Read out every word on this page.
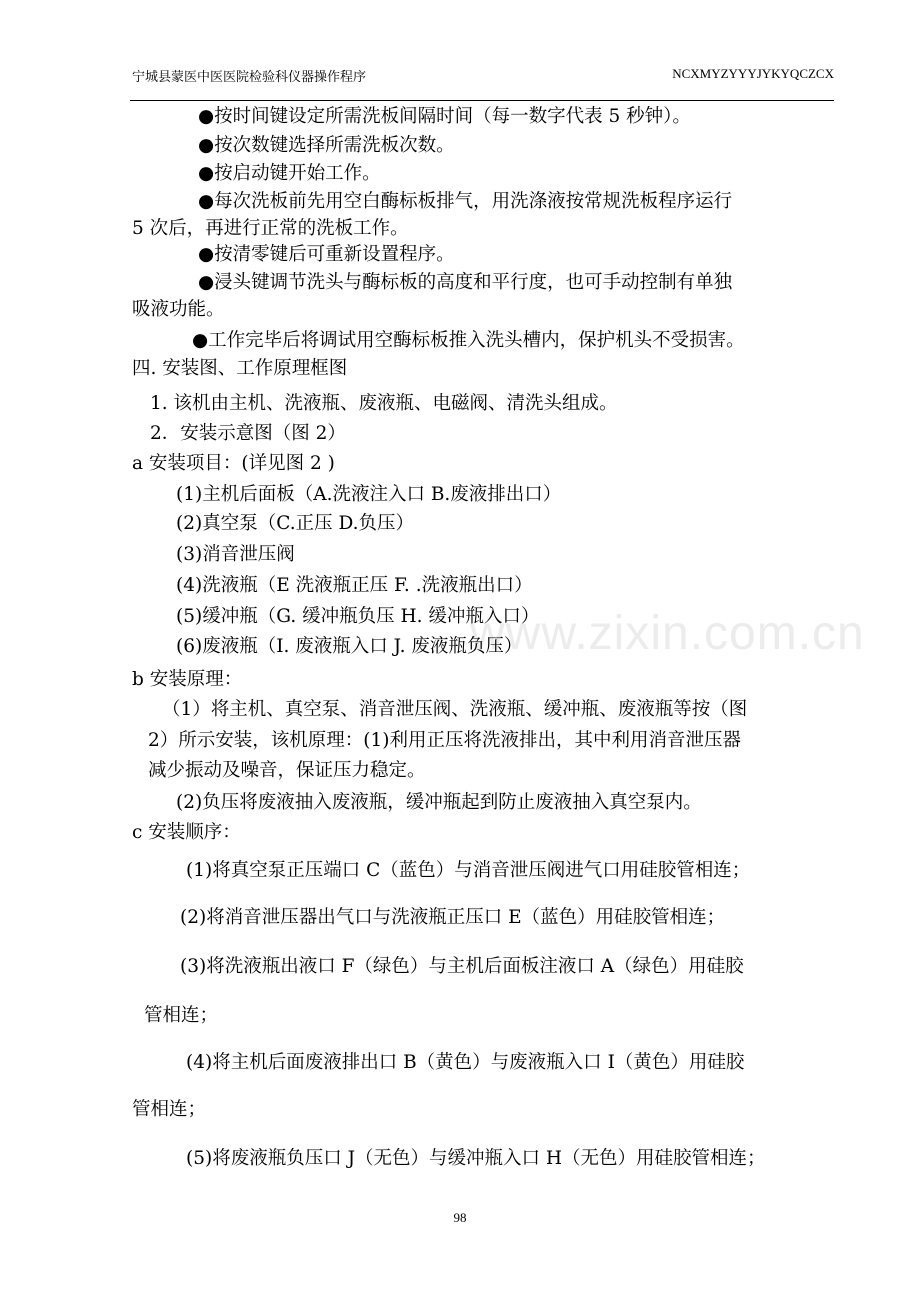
宁城县蒙医中医医院检验科仪器操作程序	NCXMYZYYYJYKYQCZCX
www.zixin.com.cn
●按时间键设定所需洗板间隔时间（每一数字代表 5 秒钟）。
●按次数键选择所需洗板次数。
●按启动键开始工作。
●每次洗板前先用空白酶标板排气，用洗涤液按常规洗板程序运行
5 次后，再进行正常的洗板工作。
●按清零键后可重新设置程序。
●浸头键调节洗头与酶标板的高度和平行度，也可手动控制有单独
吸液功能。
●工作完毕后将调试用空酶标板推入洗头槽内，保护机头不受损害。
四. 安装图、工作原理框图
1. 该机由主机、洗液瓶、废液瓶、电磁阀、清洗头组成。
2．安装示意图（图 2）
a 安装项目：(详见图 2 )
(1)主机后面板（A.洗液注入口 B.废液排出口）
(2)真空泵（C.正压 D.负压）
(3)消音泄压阀
(4)洗液瓶（E 洗液瓶正压 F. .洗液瓶出口）
(5)缓冲瓶（G. 缓冲瓶负压 H. 缓冲瓶入口）
(6)废液瓶（I. 废液瓶入口 J. 废液瓶负压）
b 安装原理：
（1）将主机、真空泵、消音泄压阀、洗液瓶、缓冲瓶、废液瓶等按（图
2）所示安装，该机原理：(1)利用正压将洗液排出，其中利用消音泄压器
减少振动及噪音，保证压力稳定。
(2)负压将废液抽入废液瓶，缓冲瓶起到防止废液抽入真空泵内。
c 安装顺序：
(1)将真空泵正压端口 C（蓝色）与消音泄压阀进气口用硅胶管相连；
(2)将消音泄压器出气口与洗液瓶正压口 E（蓝色）用硅胶管相连；
(3)将洗液瓶出液口 F（绿色）与主机后面板注液口 A（绿色）用硅胶
管相连；
(4)将主机后面废液排出口 B（黄色）与废液瓶入口 I（黄色）用硅胶
管相连；
(5)将废液瓶负压口 J（无色）与缓冲瓶入口 H（无色）用硅胶管相连；
98
